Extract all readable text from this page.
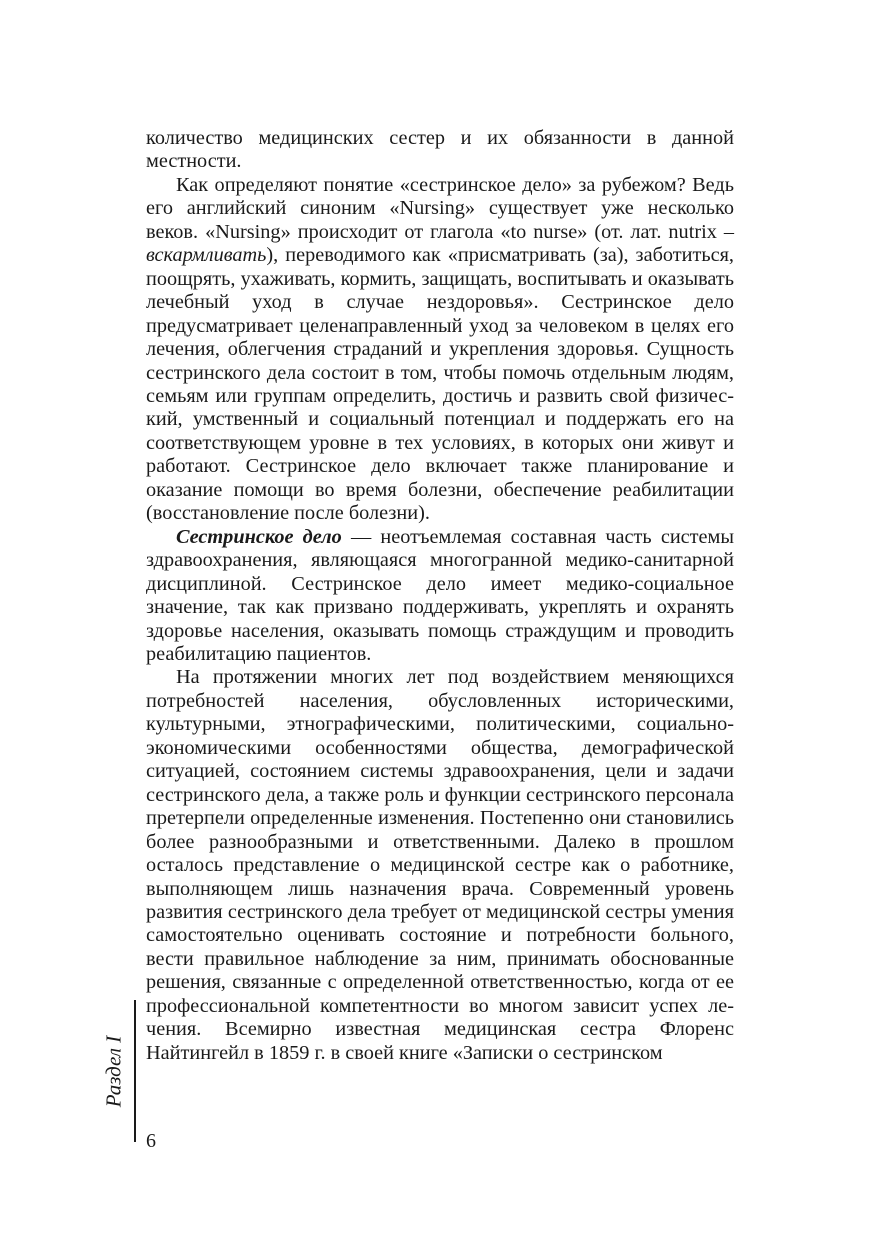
количество медицинских сестер и их обязанности в данной местности.

Как определяют понятие «сестринское дело» за рубежом? Ведь его английский синоним «Nursing» существует уже несколько веков. «Nursing» происходит от глагола «to nurse» (от. лат. nutrix – вскармливать), переводимого как «присматривать (за), заботиться, поощрять, ухаживать, кормить, защищать, воспитывать и оказывать лечебный уход в случае нездоровья». Сестринское дело предусматривает целенаправленный уход за человеком в целях его лечения, облегчения страданий и укрепления здоровья. Сущность сестринского дела состоит в том, чтобы помочь отдельным людям, семьям или группам определить, достичь и развить свой физический, умственный и социальный потенциал и поддержать его на соответствующем уровне в тех условиях, в которых они живут и работают. Сестринское дело включает также планирование и оказание помощи во время болезни, обеспечение реабилитации (восстановление после болезни).

Сестринское дело — неотъемлемая составная часть системы здравоохранения, являющаяся многогранной медико-санитарной дисциплиной. Сестринское дело имеет медико-социальное значение, так как призвано поддерживать, укреплять и охранять здоровье населения, оказывать помощь страждущим и проводить реабилитацию пациентов.

На протяжении многих лет под воздействием меняющихся потребностей населения, обусловленных историческими, культурными, этнографическими, политическими, социально-экономическими особенностями общества, демографической ситуацией, состоянием системы здравоохранения, цели и задачи сестринского дела, а также роль и функции сестринского персонала претерпели определенные изменения. Постепенно они становились более разнообразными и ответственными. Далеко в прошлом осталось представление о медицинской сестре как о работнике, выполняющем лишь назначения врача. Современный уровень развития сестринского дела требует от медицинской сестры умения самостоятельно оценивать состояние и потребности больного, вести правильное наблюдение за ним, принимать обоснованные решения, связанные с определенной ответственностью, когда от ее профессиональной компетентности во многом зависит успех лечения. Всемирно известная медицинская сестра Флоренс Найтингейл в 1859 г. в своей книге «Записки о сестринском

Раздел I
6
